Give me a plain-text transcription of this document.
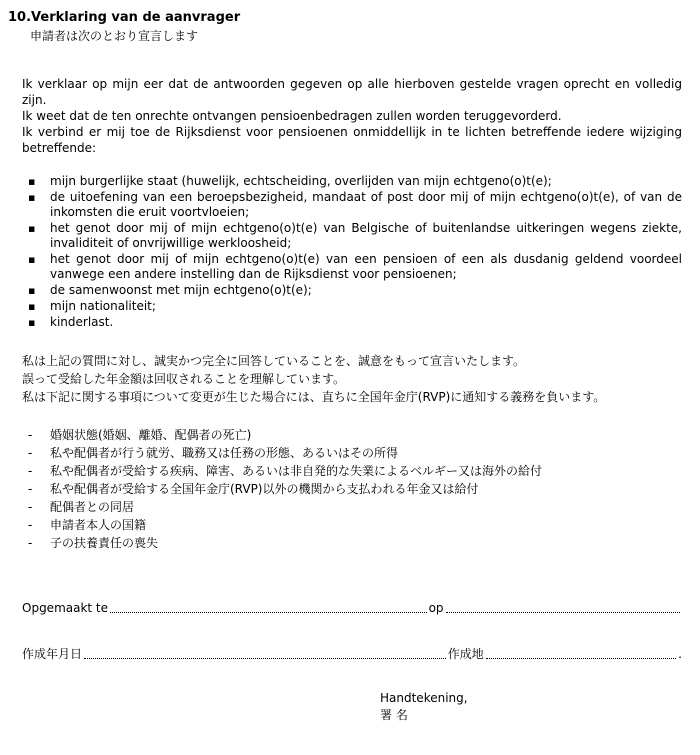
10.Verklaring van de aanvrager
申請者は次のとおり宣言します

Ik verklaar op mijn eer dat de antwoorden gegeven op alle hierboven gestelde vragen oprecht en volledig zijn.

Ik weet dat de ten onrechte ontvangen pensioenbedragen zullen worden teruggevorderd.

Ik verbind er mij toe de Rijksdienst voor pensioenen onmiddellijk in te lichten betreffende iedere wijziging betreffende:

▪	mijn burgerlijke staat (huwelijk, echtscheiding, overlijden van mijn echtgeno(o)t(e);
▪	de uitoefening van een beroepsbezigheid, mandaat of post door mij of mijn echtgeno(o)t(e), of van de inkomsten die eruit voortvloeien;
▪	het genot door mij of mijn echtgeno(o)t(e) van Belgische of buitenlandse uitkeringen wegens ziekte, invaliditeit of onvrijwillige werkloosheid;
▪	het genot door mij of mijn echtgeno(o)t(e) van een pensioen of een als dusdanig geldend voordeel vanwege een andere instelling dan de Rijksdienst voor pensioenen;
▪	de samenwoonst met mijn echtgeno(o)t(e);
▪	mijn nationaliteit;
▪	kinderlast.

私は上記の質問に対し、誠実かつ完全に回答していることを、誠意をもって宣言いたします。

誤って受給した年金額は回収されることを理解しています。

私は下記に関する事項について変更が生じた場合には、直ちに全国年金庁(RVP)に通知する義務を負います。

-	婚姻状態(婚姻、離婚、配偶者の死亡)
-	私や配偶者が行う就労、職務又は任務の形態、あるいはその所得
-	私や配偶者が受給する疾病、障害、あるいは非自発的な失業によるベルギー又は海外の給付
-	私や配偶者が受給する全国年金庁(RVP)以外の機関から支払われる年金又は給付
-	配偶者との同居
-	申請者本人の国籍
-	子の扶養責任の喪失
Opgemaakt te	op
作成年月日	作成地	.
Handtekening,
署 名
